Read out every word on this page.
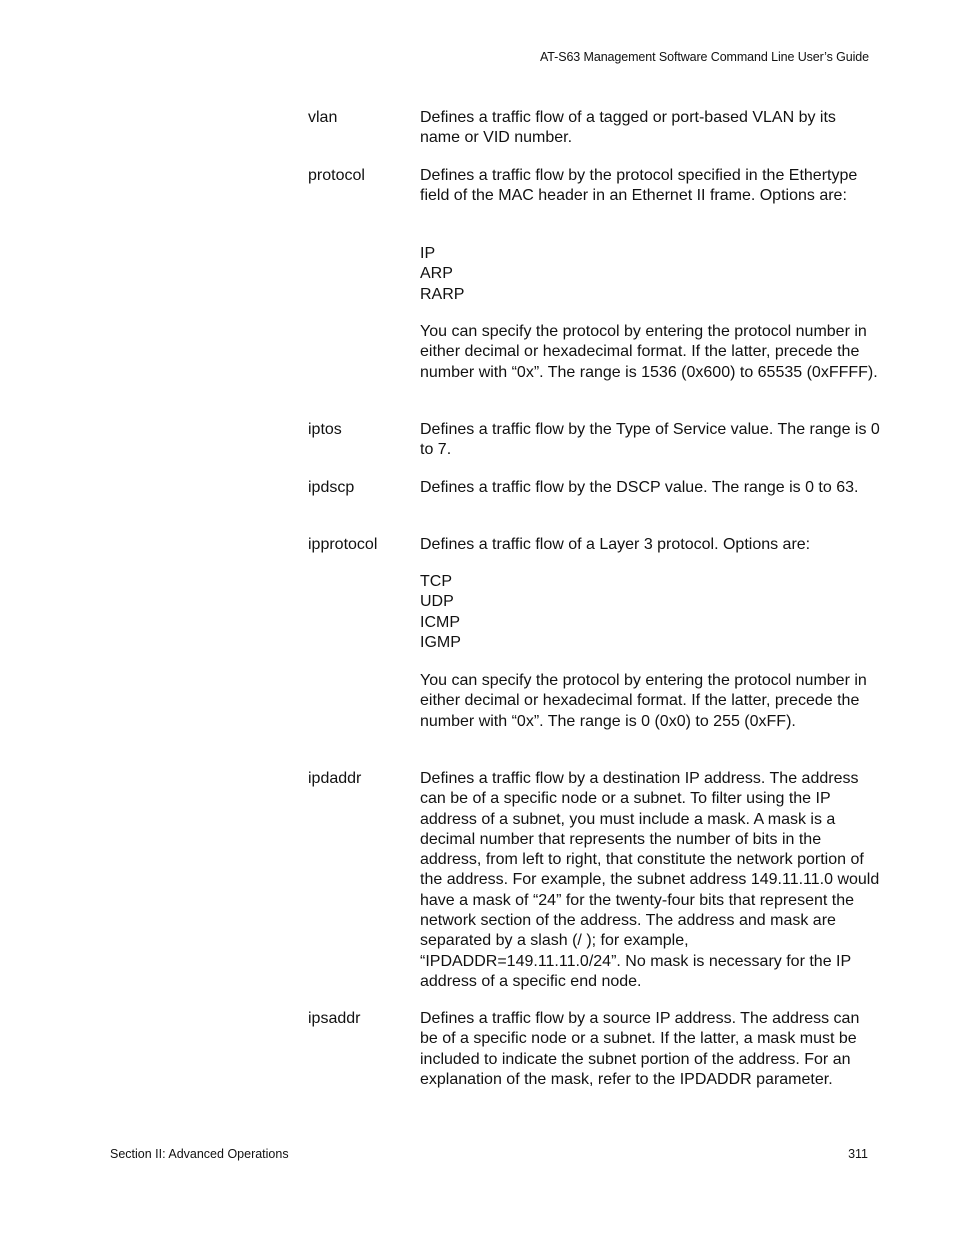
AT-S63 Management Software Command Line User’s Guide
vlan	Defines a traffic flow of a tagged or port-based VLAN by its name or VID number.
protocol	Defines a traffic flow by the protocol specified in the Ethertype field of the MAC header in an Ethernet II frame. Options are:
IP
ARP
RARP
You can specify the protocol by entering the protocol number in either decimal or hexadecimal format. If the latter, precede the number with “0x”. The range is 1536 (0x600) to 65535 (0xFFFF).
iptos	Defines a traffic flow by the Type of Service value. The range is 0 to 7.
ipdscp	Defines a traffic flow by the DSCP value. The range is 0 to 63.
ipprotocol	Defines a traffic flow of a Layer 3 protocol. Options are:
TCP
UDP
ICMP
IGMP
You can specify the protocol by entering the protocol number in either decimal or hexadecimal format. If the latter, precede the number with “0x”. The range is 0 (0x0) to 255 (0xFF).
ipdaddr	Defines a traffic flow by a destination IP address. The address can be of a specific node or a subnet. To filter using the IP address of a subnet, you must include a mask. A mask is a decimal number that represents the number of bits in the address, from left to right, that constitute the network portion of the address. For example, the subnet address 149.11.11.0 would have a mask of “24” for the twenty-four bits that represent the network section of the address. The address and mask are separated by a slash (/ ); for example, “IPDADDR=149.11.11.0/24”. No mask is necessary for the IP address of a specific end node.
ipsaddr	Defines a traffic flow by a source IP address. The address can be of a specific node or a subnet. If the latter, a mask must be included to indicate the subnet portion of the address. For an explanation of the mask, refer to the IPDADDR parameter.
Section II: Advanced Operations	311
